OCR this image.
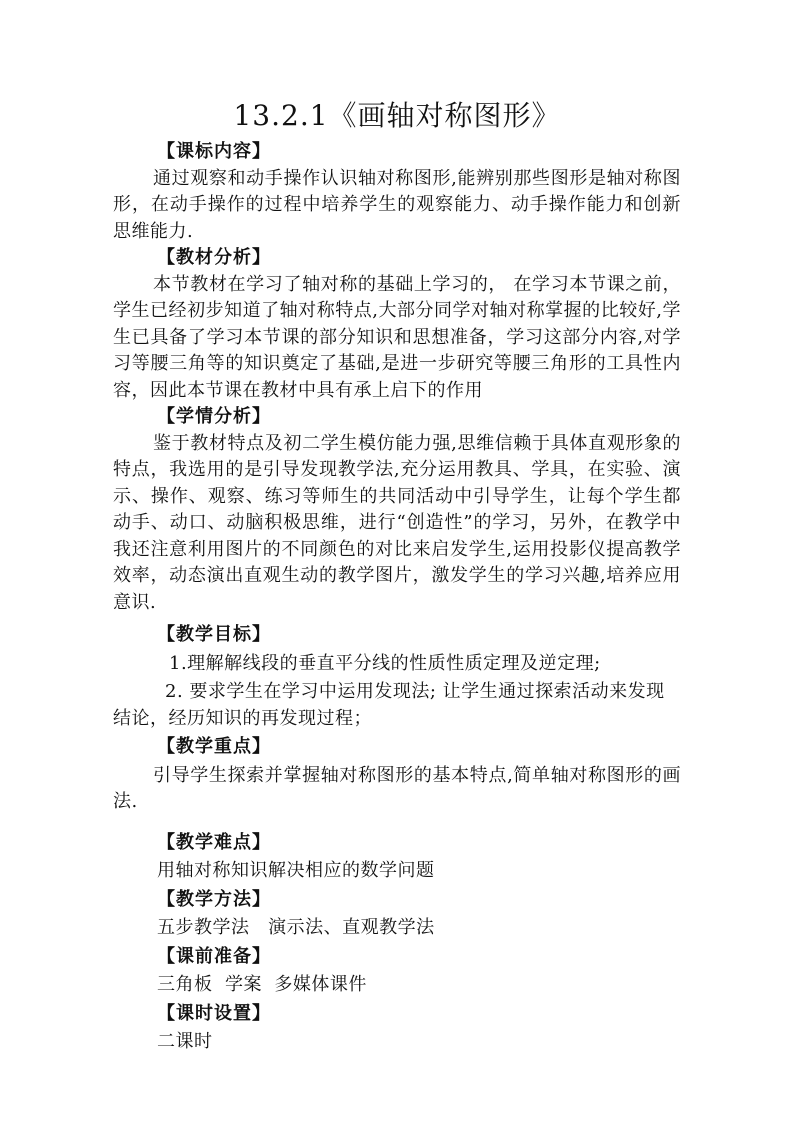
13.2.1《画轴对称图形》

【课标内容】

通过观察和动手操作认识轴对称图形,能辨别那些图形是轴对称图形，在动手操作的过程中培养学生的观察能力、动手操作能力和创新思维能力.

【教材分析】

本节教材在学习了轴对称的基础上学习的， 在学习本节课之前，学生已经初步知道了轴对称特点,大部分同学对轴对称掌握的比较好,学生已具备了学习本节课的部分知识和思想准备，学习这部分内容,对学习等腰三角等的知识奠定了基础,是进一步研究等腰三角形的工具性内容，因此本节课在教材中具有承上启下的作用

【学情分析】

鉴于教材特点及初二学生模仿能力强,思维信赖于具体直观形象的特点，我选用的是引导发现教学法,充分运用教具、学具，在实验、演示、操作、观察、练习等师生的共同活动中引导学生，让每个学生都动手、动口、动脑积极思维，进行“创造性”的学习，另外，在教学中我还注意利用图片的不同颜色的对比来启发学生,运用投影仪提高教学效率，动态演出直观生动的教学图片，激发学生的学习兴趣,培养应用意识.

【教学目标】

1.理解解线段的垂直平分线的性质性质定理及逆定理;

2. 要求学生在学习中运用发现法; 让学生通过探索活动来发现结论，经历知识的再发现过程；

【教学重点】

引导学生探索并掌握轴对称图形的基本特点,简单轴对称图形的画法.

【教学难点】

用轴对称知识解决相应的数学问题

【教学方法】

五步教学法   演示法、直观教学法

【课前准备】

三角板  学案  多媒体课件

【课时设置】

二课时
